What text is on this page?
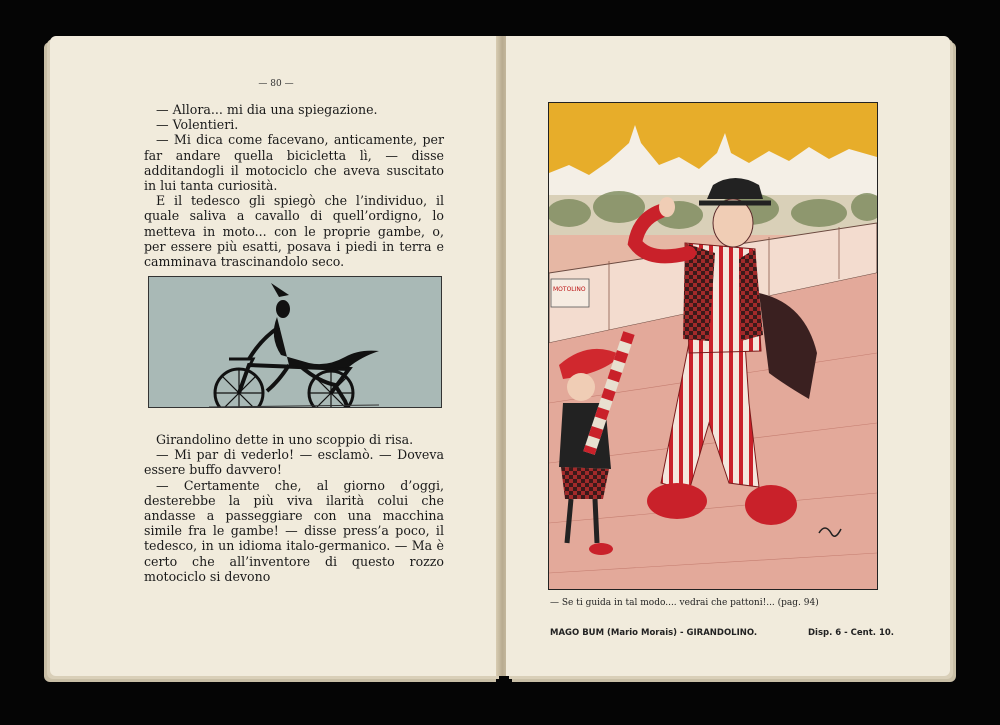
— 80 —

— Allora... mi dia una spiegazione.

— Volentieri.

— Mi dica come facevano, anticamente, per far andare quella bicicletta lì, — disse additandogli il motociclo che aveva suscitato in lui tanta curiosità.

E il tedesco gli spiegò che l’individuo, il quale saliva a cavallo di quell’ordigno, lo metteva in moto... con le proprie gambe, o, per essere più esatti, posava i piedi in terra e camminava trascinandolo seco.

Girandolino dette in uno scoppio di risa.

— Mi par di vederlo! — esclamò. — Doveva essere buffo davvero!

— Certamente che, al giorno d’oggi, desterebbe la più viva ilarità colui che andasse a passeggiare con una macchina simile fra le gambe! — disse press’a poco, il tedesco, in un idioma italo-germanico. — Ma è certo che all’inventore di questo rozzo motociclo si devono

MOTOLINO
— Se ti guida in tal modo.... vedrai che pattoni!... (pag. 94)
MAGO BUM (Mario Morais) - GIRANDOLINO.	Disp. 6 - Cent. 10.
